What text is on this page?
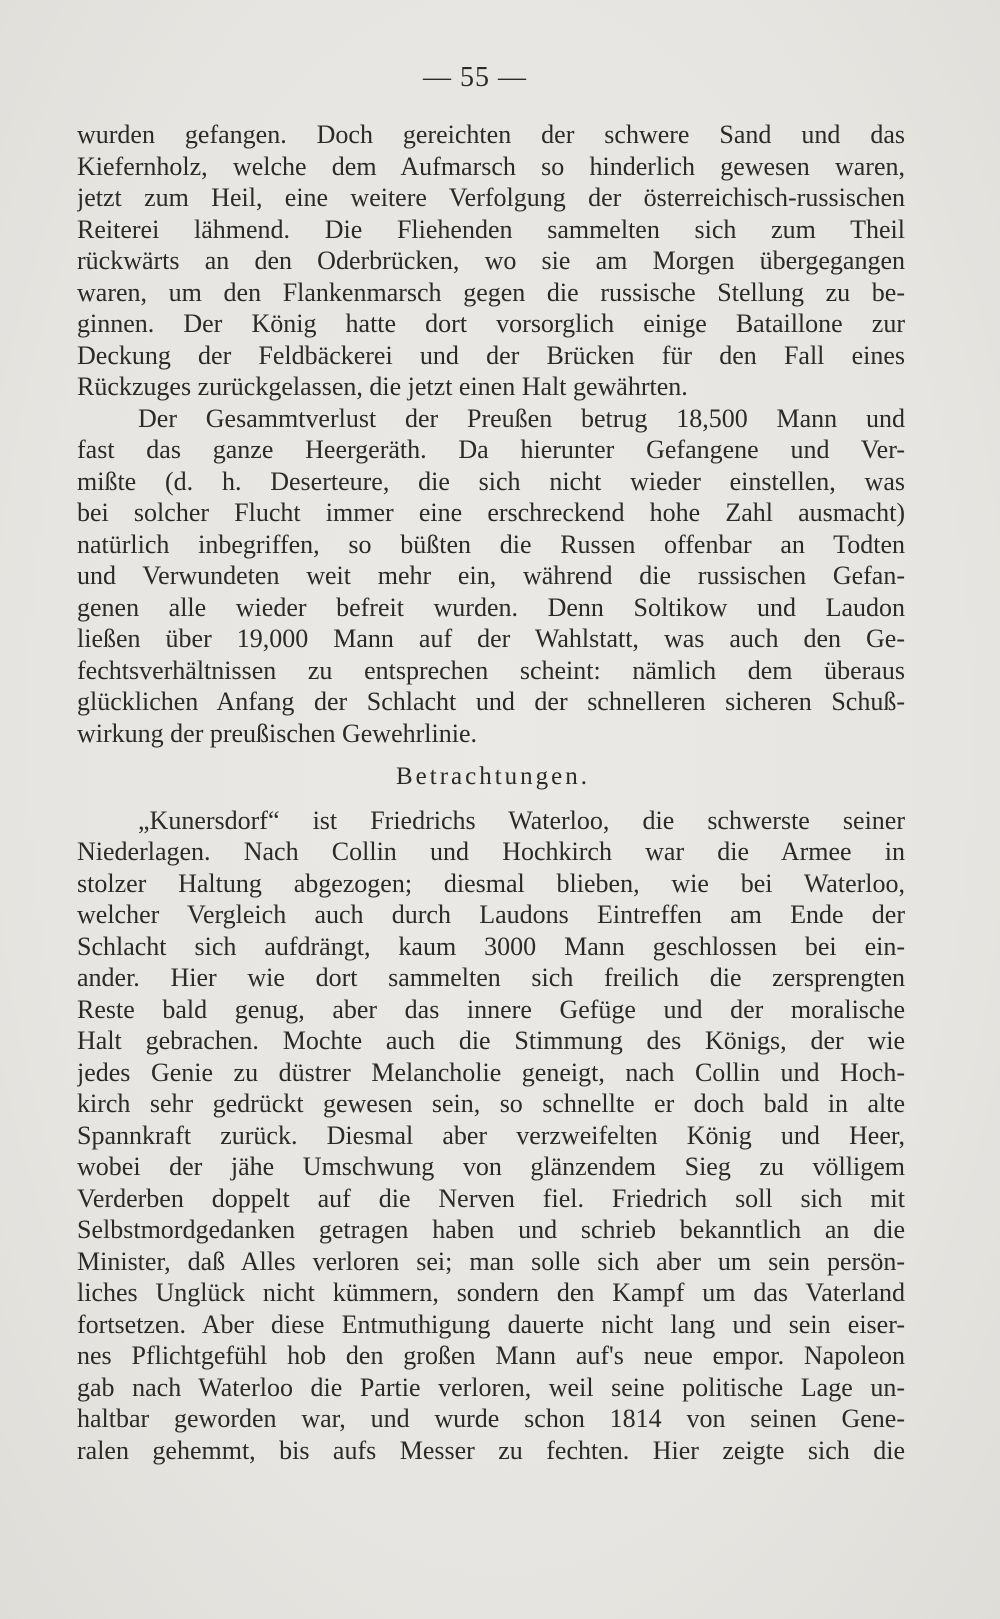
— 55 —
wurden gefangen. Doch gereichten der schwere Sand und das
Kiefernholz, welche dem Aufmarsch so hinderlich gewesen waren,
jetzt zum Heil, eine weitere Verfolgung der österreichisch-russischen
Reiterei lähmend. Die Fliehenden sammelten sich zum Theil
rückwärts an den Oderbrücken, wo sie am Morgen übergegangen
waren, um den Flankenmarsch gegen die russische Stellung zu be-
ginnen. Der König hatte dort vorsorglich einige Bataillone zur
Deckung der Feldbäckerei und der Brücken für den Fall eines
Rückzuges zurückgelassen, die jetzt einen Halt gewährten.
Der Gesammtverlust der Preußen betrug 18,500 Mann und
fast das ganze Heergeräth. Da hierunter Gefangene und Ver-
mißte (d. h. Deserteure, die sich nicht wieder einstellen, was
bei solcher Flucht immer eine erschreckend hohe Zahl ausmacht)
natürlich inbegriffen, so büßten die Russen offenbar an Todten
und Verwundeten weit mehr ein, während die russischen Gefan-
genen alle wieder befreit wurden. Denn Soltikow und Laudon
ließen über 19,000 Mann auf der Wahlstatt, was auch den Ge-
fechtsverhältnissen zu entsprechen scheint: nämlich dem überaus
glücklichen Anfang der Schlacht und der schnelleren sicheren Schuß-
wirkung der preußischen Gewehrlinie.
Betrachtungen.
„Kunersdorf“ ist Friedrichs Waterloo, die schwerste seiner
Niederlagen. Nach Collin und Hochkirch war die Armee in
stolzer Haltung abgezogen; diesmal blieben, wie bei Waterloo,
welcher Vergleich auch durch Laudons Eintreffen am Ende der
Schlacht sich aufdrängt, kaum 3000 Mann geschlossen bei ein-
ander. Hier wie dort sammelten sich freilich die zersprengten
Reste bald genug, aber das innere Gefüge und der moralische
Halt gebrachen. Mochte auch die Stimmung des Königs, der wie
jedes Genie zu düstrer Melancholie geneigt, nach Collin und Hoch-
kirch sehr gedrückt gewesen sein, so schnellte er doch bald in alte
Spannkraft zurück. Diesmal aber verzweifelten König und Heer,
wobei der jähe Umschwung von glänzendem Sieg zu völligem
Verderben doppelt auf die Nerven fiel. Friedrich soll sich mit
Selbstmordgedanken getragen haben und schrieb bekanntlich an die
Minister, daß Alles verloren sei; man solle sich aber um sein persön-
liches Unglück nicht kümmern, sondern den Kampf um das Vaterland
fortsetzen. Aber diese Entmuthigung dauerte nicht lang und sein eiser-
nes Pflichtgefühl hob den großen Mann auf's neue empor. Napoleon
gab nach Waterloo die Partie verloren, weil seine politische Lage un-
haltbar geworden war, und wurde schon 1814 von seinen Gene-
ralen gehemmt, bis aufs Messer zu fechten. Hier zeigte sich die
